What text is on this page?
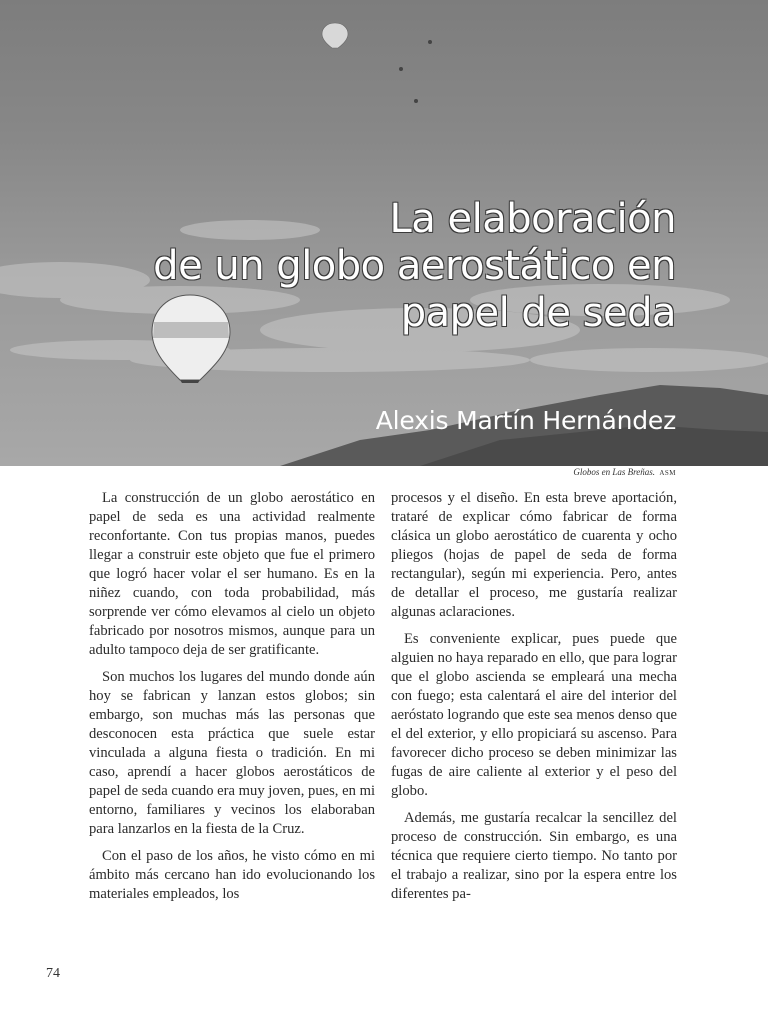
La elaboración
de un globo aerostático en
papel de seda

Alexis Martín Hernández

Globos en Las Breñas. ASM

La construcción de un globo aerostático en papel de seda es una actividad realmente reconfortante. Con tus propias manos, puedes llegar a construir este objeto que fue el primero que logró hacer volar el ser humano. Es en la niñez cuando, con toda probabilidad, más sorprende ver cómo elevamos al cielo un objeto fabricado por nosotros mismos, aunque para un adulto tampoco deja de ser gratificante.

Son muchos los lugares del mundo donde aún hoy se fabrican y lanzan estos globos; sin embargo, son muchas más las personas que desconocen esta práctica que suele estar vinculada a alguna fiesta o tradición. En mi caso, aprendí a hacer globos aerostáticos de papel de seda cuando era muy joven, pues, en mi entorno, familiares y vecinos los elaboraban para lanzarlos en la fiesta de la Cruz.

Con el paso de los años, he visto cómo en mi ámbito más cercano han ido evolucionando los materiales empleados, los

procesos y el diseño. En esta breve aportación, trataré de explicar cómo fabricar de forma clásica un globo aerostático de cuarenta y ocho pliegos (hojas de papel de seda de forma rectangular), según mi experiencia. Pero, antes de detallar el proceso, me gustaría realizar algunas aclaraciones.

Es conveniente explicar, pues puede que alguien no haya reparado en ello, que para lograr que el globo ascienda se empleará una mecha con fuego; esta calentará el aire del interior del aeróstato logrando que este sea menos denso que el del exterior, y ello propiciará su ascenso. Para favorecer dicho proceso se deben minimizar las fugas de aire caliente al exterior y el peso del globo.

Además, me gustaría recalcar la sencillez del proceso de construcción. Sin embargo, es una técnica que requiere cierto tiempo. No tanto por el trabajo a realizar, sino por la espera entre los diferentes pa-

74
